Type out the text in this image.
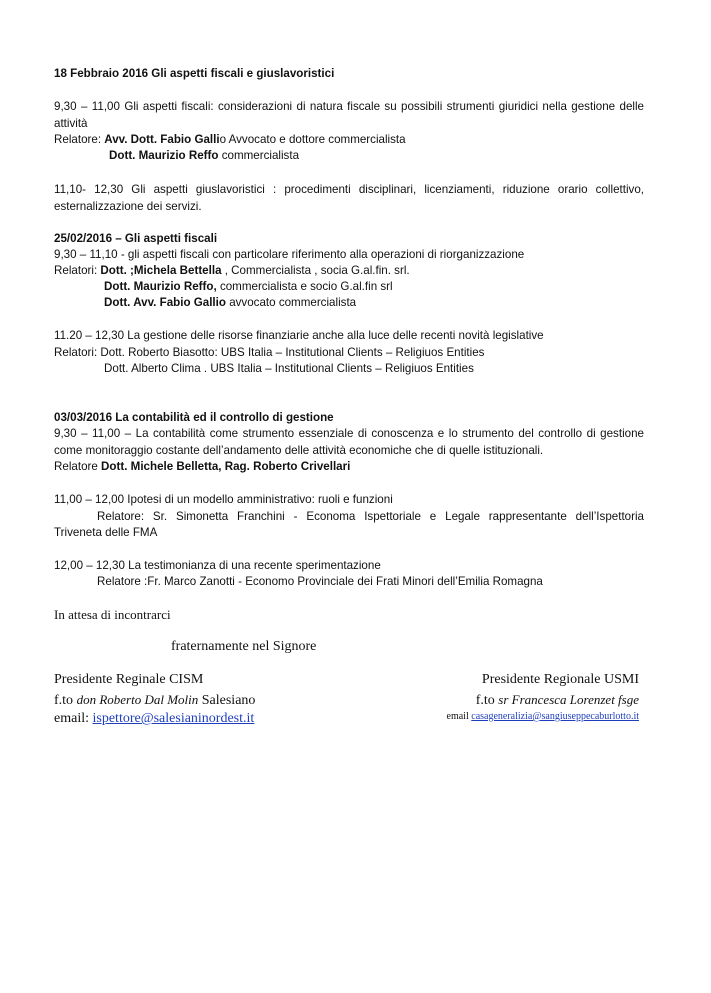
18 Febbraio 2016 Gli aspetti fiscali e giuslavoristici
9,30 – 11,00 Gli aspetti fiscali: considerazioni di natura fiscale su possibili strumenti giuridici nella gestione delle attività
Relatore: Avv. Dott. Fabio Gallio Avvocato e dottore commercialista
Dott. Maurizio Reffo commercialista
11,10- 12,30 Gli aspetti giuslavoristici : procedimenti disciplinari, licenziamenti, riduzione orario collettivo, esternalizzazione dei servizi.
25/02/2016 – Gli aspetti fiscali
9,30 – 11,10 - gli aspetti fiscali con particolare riferimento alla operazioni di riorganizzazione
Relatori: Dott. ;Michela Bettella , Commercialista , socia G.al.fin. srl.
Dott. Maurizio Reffo, commercialista e socio G.al.fin srl
Dott. Avv. Fabio Gallio avvocato commercialista
11.20 – 12,30 La gestione delle risorse finanziarie anche alla luce delle recenti novità legislative
Relatori: Dott. Roberto Biasotto: UBS Italia – Institutional Clients – Religiuos Entities
Dott. Alberto Clima . UBS Italia – Institutional Clients – Religiuos Entities
03/03/2016 La contabilità ed il controllo di gestione
9,30 – 11,00 – La contabilità come strumento essenziale di conoscenza e lo strumento del controllo di gestione come monitoraggio costante dell’andamento delle attività economiche che di quelle istituzionali.
Relatore Dott. Michele Belletta, Rag. Roberto Crivellari
11,00 – 12,00 Ipotesi di un modello amministrativo: ruoli e funzioni
Relatore: Sr. Simonetta Franchini - Economa Ispettoriale e Legale rappresentante dell’Ispettoria
Triveneta delle FMA
12,00 – 12,30 La testimonianza di una recente sperimentazione
Relatore :Fr. Marco Zanotti - Economo Provinciale dei Frati Minori dell’Emilia Romagna
In attesa di incontrarci
fraternamente nel Signore
Presidente Reginale CISM
f.to don Roberto Dal Molin Salesiano
email: ispettore@salesianinordest.it
Presidente Regionale USMI
f.to sr Francesca Lorenzet fsge
email casageneralizia@sangiuseppecaburlotto.it
